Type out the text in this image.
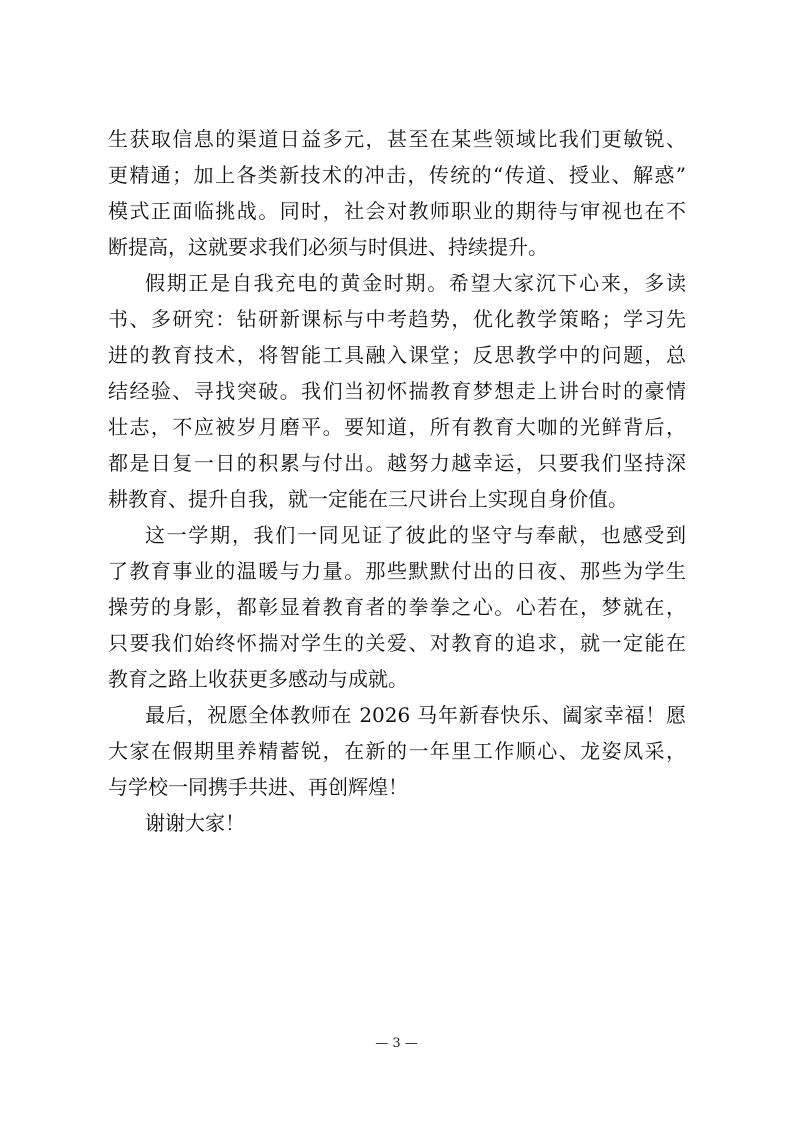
生获取信息的渠道日益多元，甚至在某些领域比我们更敏锐、
更精通；加上各类新技术的冲击，传统的“传道、授业、解惑”
模式正面临挑战。同时，社会对教师职业的期待与审视也在不
断提高，这就要求我们必须与时俱进、持续提升。
假期正是自我充电的黄金时期。希望大家沉下心来，多读
书、多研究：钻研新课标与中考趋势，优化教学策略；学习先
进的教育技术，将智能工具融入课堂；反思教学中的问题，总
结经验、寻找突破。我们当初怀揣教育梦想走上讲台时的豪情
壮志，不应被岁月磨平。要知道，所有教育大咖的光鲜背后，
都是日复一日的积累与付出。越努力越幸运，只要我们坚持深
耕教育、提升自我，就一定能在三尺讲台上实现自身价值。
这一学期，我们一同见证了彼此的坚守与奉献，也感受到
了教育事业的温暖与力量。那些默默付出的日夜、那些为学生
操劳的身影，都彰显着教育者的拳拳之心。心若在，梦就在，
只要我们始终怀揣对学生的关爱、对教育的追求，就一定能在
教育之路上收获更多感动与成就。
最后，祝愿全体教师在 2026 马年新春快乐、阖家幸福！愿
大家在假期里养精蓄锐，在新的一年里工作顺心、龙姿凤采，
与学校一同携手共进、再创辉煌！
谢谢大家！
— 3 —
